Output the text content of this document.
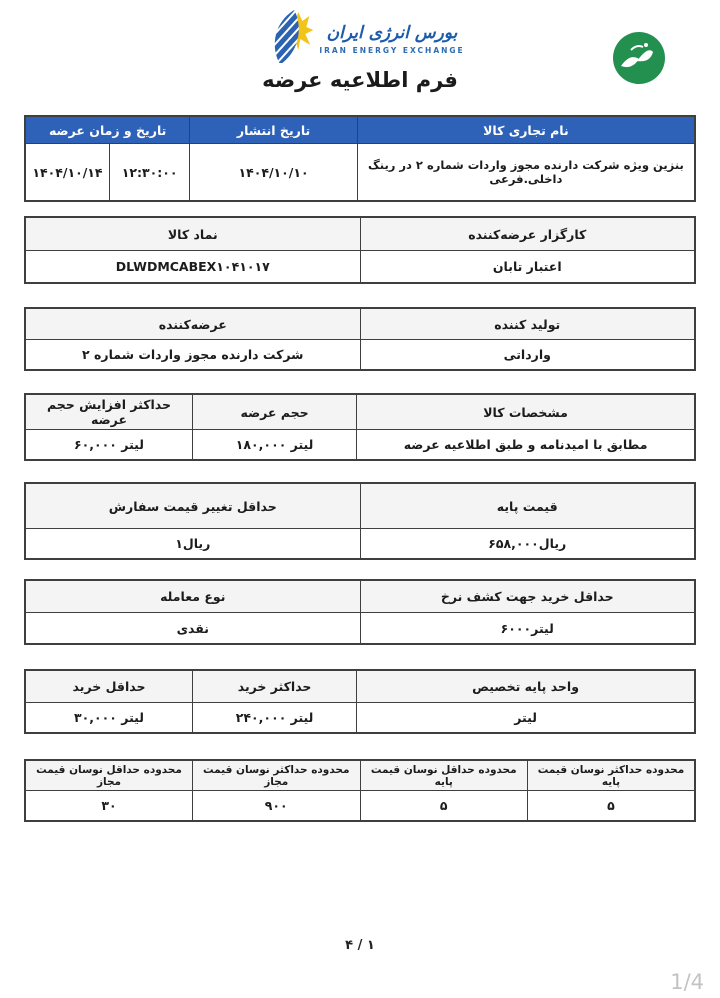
بورس انرژی ایران
IRAN ENERGY EXCHANGE
فرم اطلاعیه عرضه
نام تجاری کالا	تاریخ انتشار	تاریخ و زمان عرضه	
بنزین ویژه شرکت دارنده مجوز واردات شماره ۲ در رینگ داخلی.فرعی	۱۴۰۴/۱۰/۱۰	۱۲:۳۰:۰۰	۱۴۰۴/۱۰/۱۴
کارگزار عرضه‌کننده	نماد کالا
اعتبار تابان	DLWDMCABEX۱۰۴۱۰۱۷
تولید کننده	عرضه‌کننده
وارداتی	شرکت دارنده مجوز واردات شماره ۲
مشخصات کالا	حجم عرضه	حداکثر افزایش حجم عرضه
مطابق با امیدنامه و طبق اطلاعیه عرضه	لیتر ۱۸۰,۰۰۰	لیتر ۶۰,۰۰۰
قیمت پایه	حداقل تغییر قیمت سفارش
ریال۶۵۸,۰۰۰	ریال۱
حداقل خرید جهت کشف نرخ	نوع معامله
لیتر۶۰۰۰	نقدی
واحد پایه تخصیص	حداکثر خرید	حداقل خرید
لیتر	لیتر ۲۴۰,۰۰۰	لیتر ۳۰,۰۰۰
محدوده حداکثر نوسان قیمت پایه	محدوده حداقل نوسان قیمت پایه	محدوده حداکثر نوسان قیمت مجاز	محدوده حداقل نوسان قیمت مجاز
۵	۵	۹۰۰	۳۰
۱ / ۴
1/4
